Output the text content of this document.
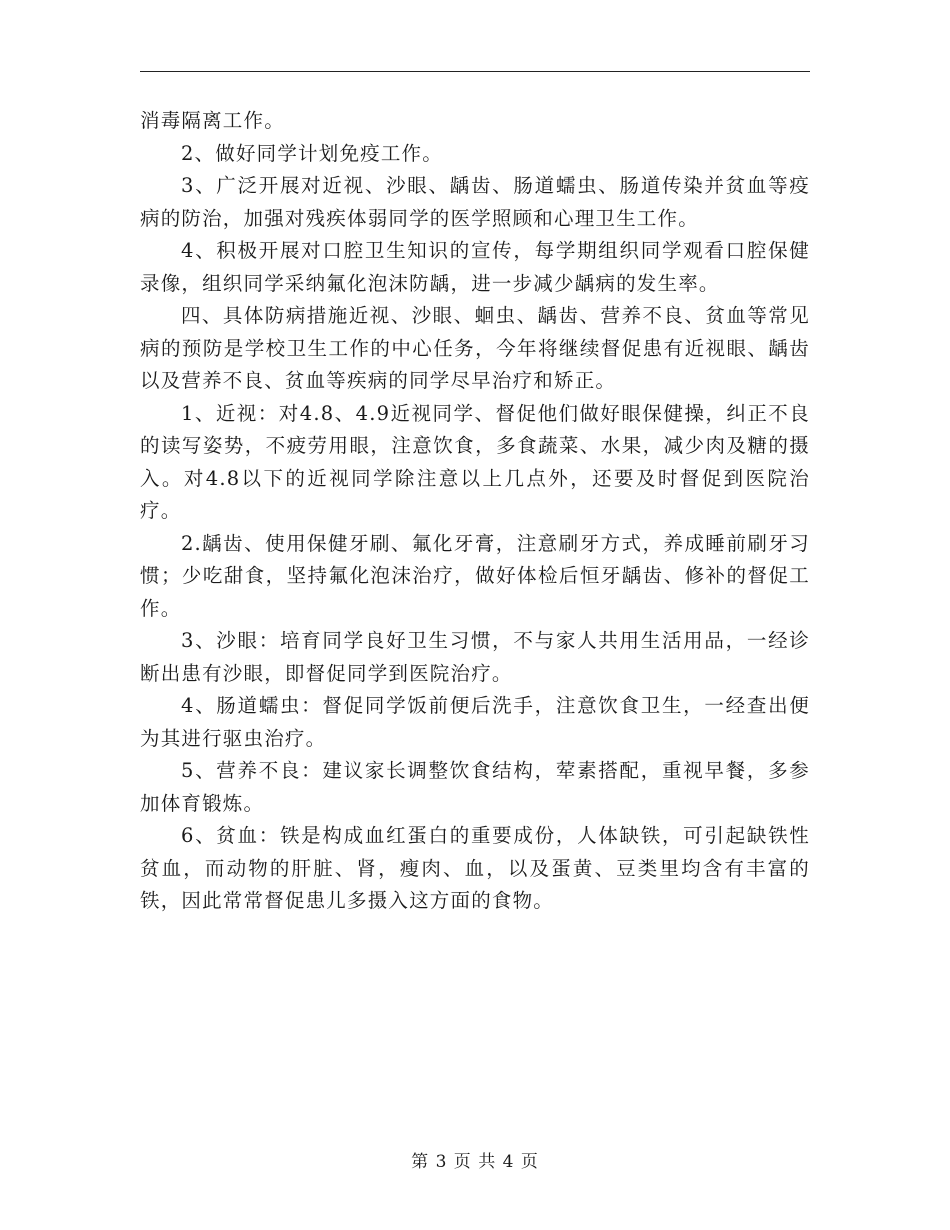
消毒隔离工作。

2、做好同学计划免疫工作。

3、广泛开展对近视、沙眼、龋齿、肠道蠕虫、肠道传染并贫血等疫病的防治，加强对残疾体弱同学的医学照顾和心理卫生工作。

4、积极开展对口腔卫生知识的宣传，每学期组织同学观看口腔保健录像，组织同学采纳氟化泡沫防龋，进一步减少龋病的发生率。

四、具体防病措施近视、沙眼、蛔虫、龋齿、营养不良、贫血等常见病的预防是学校卫生工作的中心任务，今年将继续督促患有近视眼、龋齿以及营养不良、贫血等疾病的同学尽早治疗和矫正。

1、近视：对4.8、4.9近视同学、督促他们做好眼保健操，纠正不良的读写姿势，不疲劳用眼，注意饮食，多食蔬菜、水果，减少肉及糖的摄入。对4.8以下的近视同学除注意以上几点外，还要及时督促到医院治疗。

2.龋齿、使用保健牙刷、氟化牙膏，注意刷牙方式，养成睡前刷牙习惯；少吃甜食，坚持氟化泡沫治疗，做好体检后恒牙龋齿、修补的督促工作。

3、沙眼：培育同学良好卫生习惯，不与家人共用生活用品，一经诊断出患有沙眼，即督促同学到医院治疗。

4、肠道蠕虫：督促同学饭前便后洗手，注意饮食卫生，一经查出便为其进行驱虫治疗。

5、营养不良：建议家长调整饮食结构，荤素搭配，重视早餐，多参加体育锻炼。

6、贫血：铁是构成血红蛋白的重要成份，人体缺铁，可引起缺铁性贫血，而动物的肝脏、肾，瘦肉、血，以及蛋黄、豆类里均含有丰富的铁，因此常常督促患儿多摄入这方面的食物。

第 3 页 共 4 页
